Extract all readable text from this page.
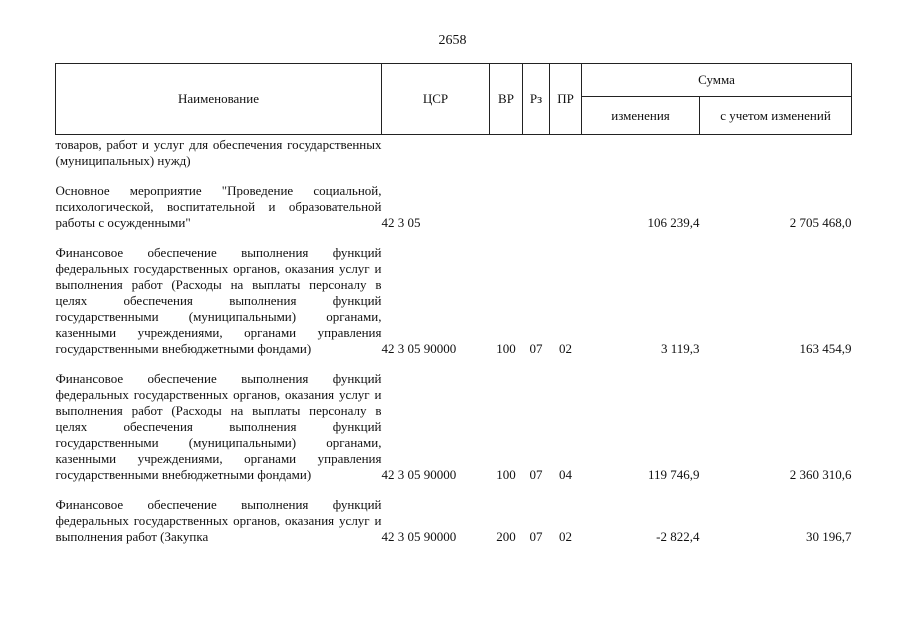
2658
Наименование	ЦСР	ВР	Рз	ПР	Сумма	
					изменения	с учетом изменений
товаров, работ и услуг для обеспечения государственных (муниципальных) нужд)						

Основное мероприятие "Проведение социальной, психологической, воспитательной и образовательной работы с осужденными"	42 3 05				106 239,4	2 705 468,0

Финансовое обеспечение выполнения функций федеральных государственных органов, оказания услуг и выполнения работ (Расходы на выплаты персоналу в целях обеспечения выполнения функций государственными (муниципальными) органами, казенными учреждениями, органами управления государственными внебюджетными фондами)	42 3 05 90000	100	07	02	3 119,3	163 454,9

Финансовое обеспечение выполнения функций федеральных государственных органов, оказания услуг и выполнения работ (Расходы на выплаты персоналу в целях обеспечения выполнения функций государственными (муниципальными) органами, казенными учреждениями, органами управления государственными внебюджетными фондами)	42 3 05 90000	100	07	04	119 746,9	2 360 310,6

Финансовое обеспечение выполнения функций федеральных государственных органов, оказания услуг и выполнения работ (Закупка	42 3 05 90000	200	07	02	-2 822,4	30 196,7
